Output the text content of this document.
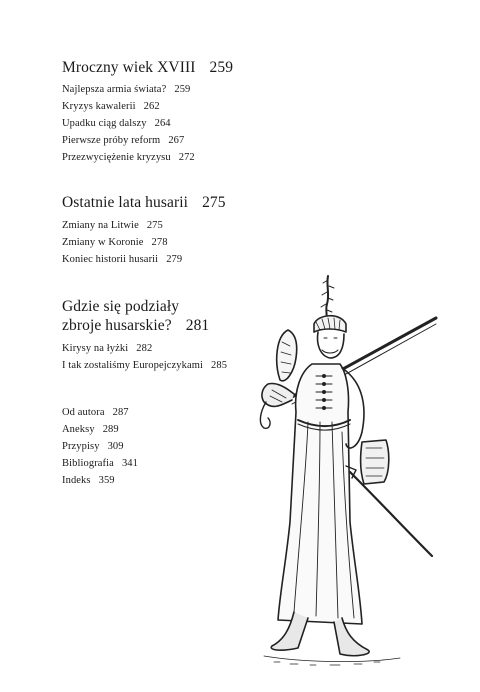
Mroczny wiek XVIII 259
Najlepsza armia świata? 259
Kryzys kawalerii 262
Upadku ciąg dalszy 264
Pierwsze próby reform 267
Przezwyciężenie kryzysu 272
Ostatnie lata husarii 275
Zmiany na Litwie 275
Zmiany w Koronie 278
Koniec historii husarii 279
Gdzie się podziały
zbroje husarskie? 281
Kirysy na łyżki 282
I tak zostaliśmy Europejczykami 285
Od autora 287
Aneksy 289
Przypisy 309
Bibliografia 341
Indeks 359
